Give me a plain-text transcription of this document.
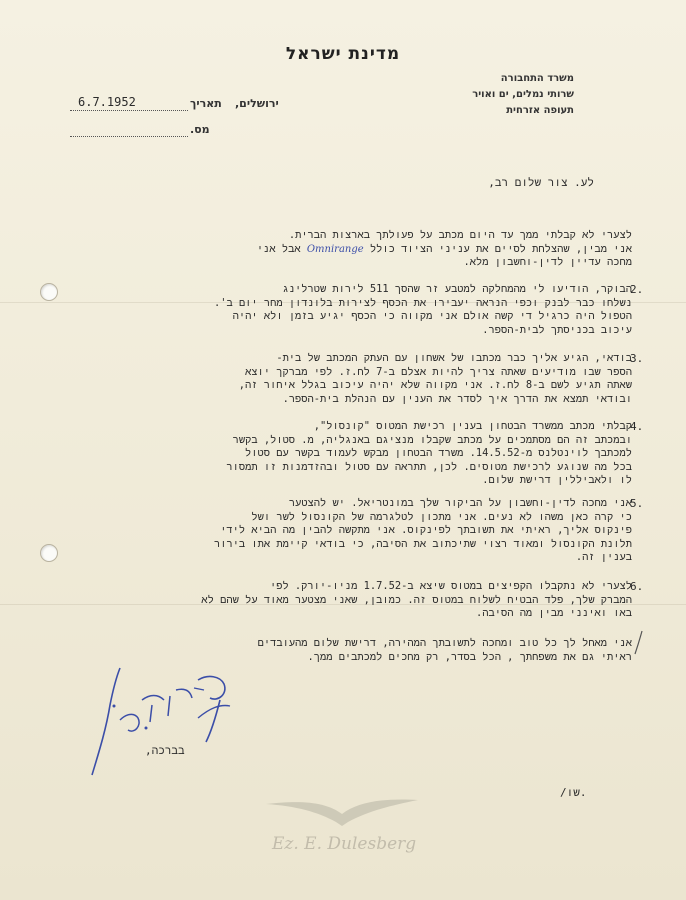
מדינת ישראל
משרד התחבורה
שרותי נמלים, ים ואויר
תעופה אזרחית
ירושלים,
תאריך
6.7.1952
מס.
לע. צור שלום רב,
לצערי לא קבלתי ממך עד היום מכתב על פעולתך בארצות הברית.
אני מבין, שהצלחת לסיים את עניני הציוד כולל Omnirange אבל אני
מחכה עדיין לדין-וחשבון מלא.
2.
הבוקר, הודיעו לי מהמחלקה למטבע זר שהסך 511 לירות שטרלינג
נשלחו כבר לבנק וכפי הנראה יעבירו את הכסף לצירות בלונדון מחר יום ב'.
הטפול היה כרגיל די קשה אולם אני מקווה כי הכסף יגיע בזמן ולא יהיה
עיכוב בכניסתך לבית-הספר.
3.
בודאי, הגיע אליך כבר מכתבו של אשחון עם העתק המכתב של בית-
הספר שבו מודיעים שאתה צריך להיות אצלם ב-7 לח.ז. לפי מברקך יוצא
שאתה תגיע לשם ב-8 לח.ז. אני מקווה שלא יהיה עיכוב בגלל איחור זה,
ובודאי תמצא את הדרך איך לסדר את הענין עם הנהלת בית-הספר.
4.
קבלתי מכתב ממשרד הבטחון בענין רכישת המטוס "קונסול",
ובמכתב זה הם מסתמכים על מכתב שקבלו מנציגם באנגליה, מ. סטול, בקשר
למכתבך לוינטלנס מ-14.5.52. משרד הבטחון מבקש לעמוד בקשר עם סטול
בכל מה שנוגע לרכישת מטוסים. לכן, תתראה עם סטול ובהזדמנות זו תמסור
לו ולאביללין דרישת שלום.
5.
אני מחכה לדין-וחשבון על הביקור שלך במונטריאל. יש להצטער
כי קרה כאן משהו לא נעים. אני מתכון לטלגרמה של הקונסול לשר ושל
פינקוס אליך, ראיתי את תשובתך לפינקוס. אני מתקשה להבין מה הביא לידי
תלונת הקונסול ומאוד רצוי שתיכתוב את הסיבה, כי בודאי קיימת אתו בירור
בענין זה.
6.
לצערי לא נתקבלו הקפיצים במטוס שיצא ב-1.7.52 מניו-יורק. לפי
המברק שלך, פלד הבטיח לשלוח במטוס זה. כמובן, שאני מצטער מאוד על שהם לא
באו ואינני מבין מה הסיבה.
אני מאחל לך כל טוב ומחכה לתשובתך המהירה, דרישת שלום מהעובדים
ראיתי גם את משפחתך , הכל בסדר, רק מחכים למכתבים ממך.
בברכה,
/שו.
Ez. E. Dulesberg
